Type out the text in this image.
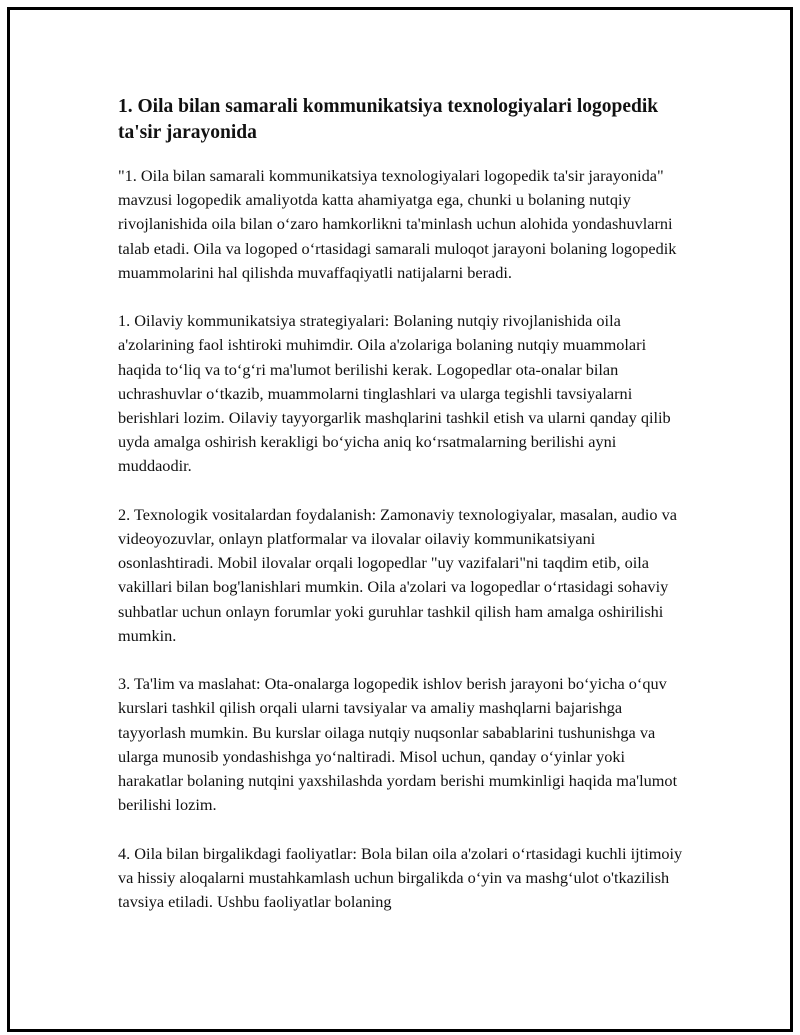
1. Oila bilan samarali kommunikatsiya texnologiyalari logopedik ta'sir jarayonida

"1. Oila bilan samarali kommunikatsiya texnologiyalari logopedik ta'sir jarayonida" mavzusi logopedik amaliyotda katta ahamiyatga ega, chunki u bolaning nutqiy rivojlanishida oila bilan o‘zaro hamkorlikni ta'minlash uchun alohida yondashuvlarni talab etadi. Oila va logoped o‘rtasidagi samarali muloqot jarayoni bolaning logopedik muammolarini hal qilishda muvaffaqiyatli natijalarni beradi.

1. Oilaviy kommunikatsiya strategiyalari: Bolaning nutqiy rivojlanishida oila a'zolarining faol ishtiroki muhimdir. Oila a'zolariga bolaning nutqiy muammolari haqida to‘liq va to‘g‘ri ma'lumot berilishi kerak. Logopedlar ota-onalar bilan uchrashuvlar o‘tkazib, muammolarni tinglashlari va ularga tegishli tavsiyalarni berishlari lozim. Oilaviy tayyorgarlik mashqlarini tashkil etish va ularni qanday qilib uyda amalga oshirish kerakligi bo‘yicha aniq ko‘rsatmalarning berilishi ayni muddaodir.

2. Texnologik vositalardan foydalanish: Zamonaviy texnologiyalar, masalan, audio va videoyozuvlar, onlayn platformalar va ilovalar oilaviy kommunikatsiyani osonlashtiradi. Mobil ilovalar orqali logopedlar "uy vazifalari"ni taqdim etib, oila vakillari bilan bog'lanishlari mumkin. Oila a'zolari va logopedlar o‘rtasidagi sohaviy suhbatlar uchun onlayn forumlar yoki guruhlar tashkil qilish ham amalga oshirilishi mumkin.

3. Ta'lim va maslahat: Ota-onalarga logopedik ishlov berish jarayoni bo‘yicha o‘quv kurslari tashkil qilish orqali ularni tavsiyalar va amaliy mashqlarni bajarishga tayyorlash mumkin. Bu kurslar oilaga nutqiy nuqsonlar sabablarini tushunishga va ularga munosib yondashishga yo‘naltiradi. Misol uchun, qanday o‘yinlar yoki harakatlar bolaning nutqini yaxshilashda yordam berishi mumkinligi haqida ma'lumot berilishi lozim.

4. Oila bilan birgalikdagi faoliyatlar: Bola bilan oila a'zolari o‘rtasidagi kuchli ijtimoiy va hissiy aloqalarni mustahkamlash uchun birgalikda o‘yin va mashg‘ulot o'tkazilish tavsiya etiladi. Ushbu faoliyatlar bolaning
